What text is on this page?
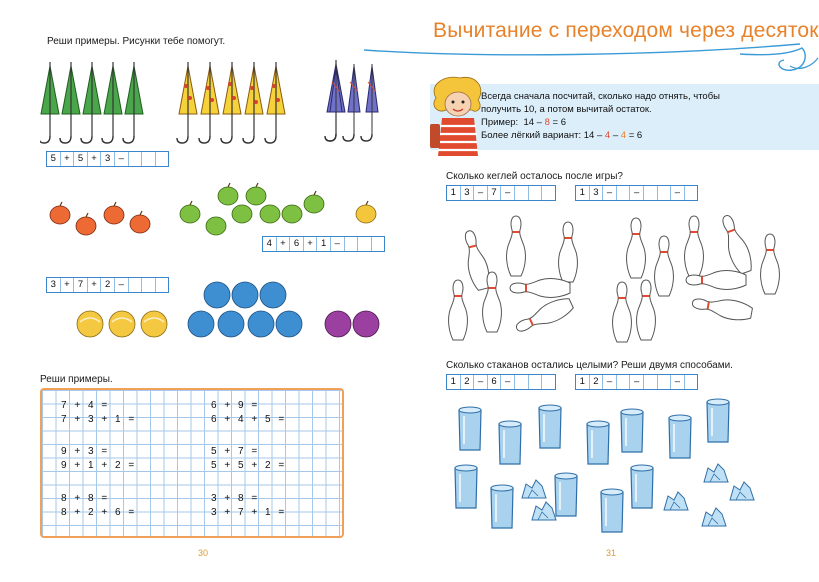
Реши примеры. Рисунки тебе помогут.
5 + 5 + 3 –
4 + 6 + 1 –
3 + 7 + 2 –
Реши примеры.
7 + 4 =
7 + 3 + 1 =
9 + 3 =
9 + 1 + 2 =
8 + 8 =
8 + 2 + 6 =
6 + 9 =
6 + 4 + 5 =
5 + 7 =
5 + 5 + 2 =
3 + 8 =
3 + 7 + 1 =
30
Вычитание с переходом через десяток
Всегда сначала посчитай, сколько надо отнять, чтобы
получить 10, а потом вычитай остаток.
Пример: 14 – 8 = 6
Более лёгкий вариант: 14 – 4 – 4 = 6
Сколько кеглей осталось после игры?
1 3 – 7 –	1 3 –	–	–
Сколько стаканов остались целыми? Реши двумя способами.
1 2 – 6 –	1 2 –	–	–
31
